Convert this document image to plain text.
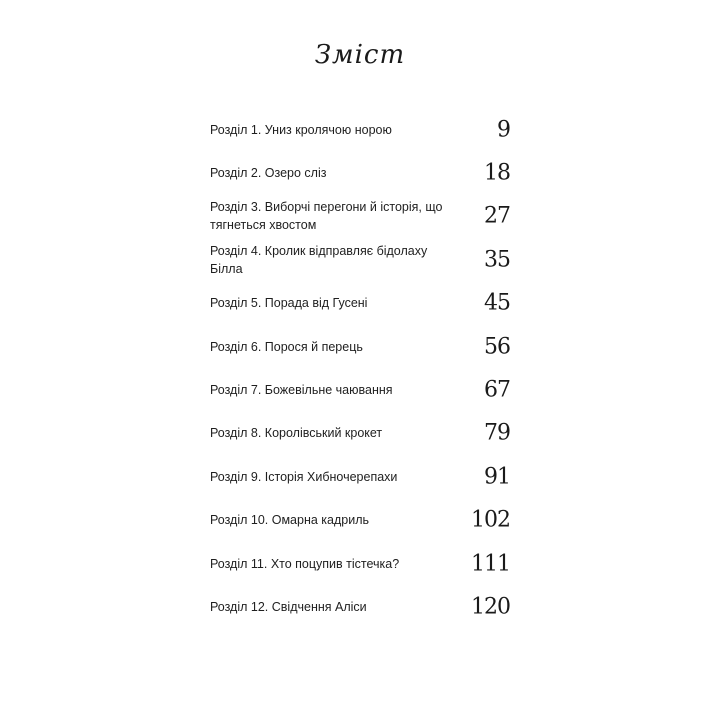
Зміст
Розділ 1. Униз кролячою норою	9
Розділ 2. Озеро сліз	18
Розділ 3. Виборчі перегони й історія, що тягнеться хвостом	27
Розділ 4. Кролик відправляє бідолаху Білла	35
Розділ 5. Порада від Гусені	45
Розділ 6. Порося й перець	56
Розділ 7. Божевільне чаювання	67
Розділ 8. Королівський крокет	79
Розділ 9. Історія Хибночерепахи	91
Розділ 10. Омарна кадриль	102
Розділ 11. Хто поцупив тістечка?	111
Розділ 12. Свідчення Аліси	120
